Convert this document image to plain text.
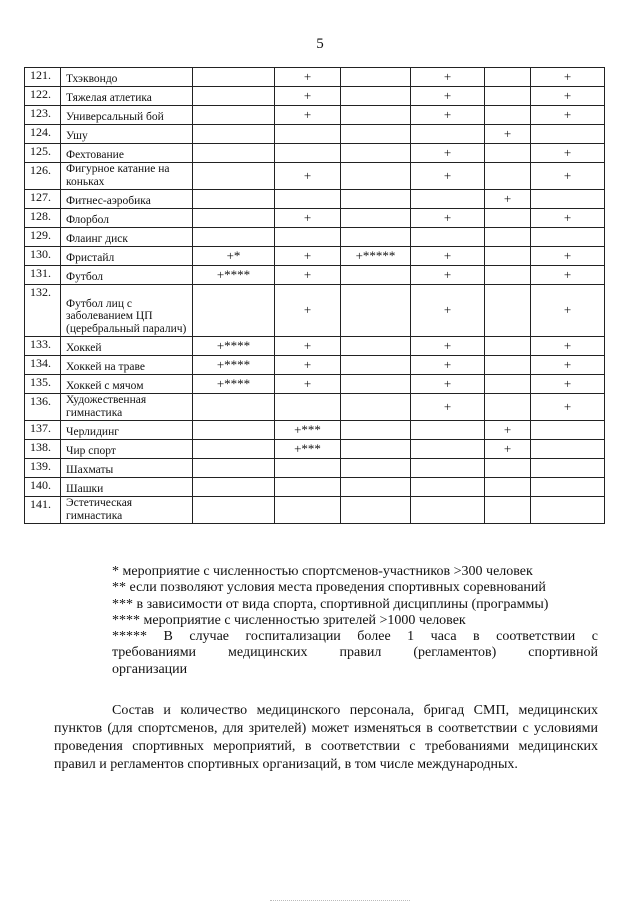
5
121.	Тхэквондо		+		+		+
122.	Тяжелая атлетика		+		+		+
123.	Универсальный бой		+		+		+
124.	Ушу					+	
125.	Фехтование				+		+
126.	Фигурное катание на коньках		+		+		+
127.	Фитнес-аэробика					+	
128.	Флорбол		+		+		+
129.	Флаинг диск						
130.	Фристайл	+*	+	+*****	+		+
131.	Футбол	+****	+		+		+
132.	Футбол лиц с заболеванием ЦП (церебральный паралич)		+		+		+
133.	Хоккей	+****	+		+		+
134.	Хоккей на траве	+****	+		+		+
135.	Хоккей с мячом	+****	+		+		+
136.	Художественная гимнастика				+		+
137.	Черлидинг		+***			+	
138.	Чир спорт		+***			+	
139.	Шахматы						
140.	Шашки						
141.	Эстетическая гимнастика						

* мероприятие с численностью спортсменов-участников >300 человек

** если позволяют условия места проведения спортивных соревнований

*** в зависимости от вида спорта, спортивной дисциплины (программы)

**** мероприятие с численностью зрителей >1000 человек

***** В случае госпитализации более 1 часа в соответствии с

требованиями медицинских правил (регламентов) спортивной

организации

Состав и количество медицинского персонала, бригад СМП, медицинских пунктов (для спортсменов, для зрителей) может изменяться в соответствии с условиями проведения спортивных мероприятий, в соответствии с требованиями медицинских правил и регламентов спортивных организаций, в том числе международных.
